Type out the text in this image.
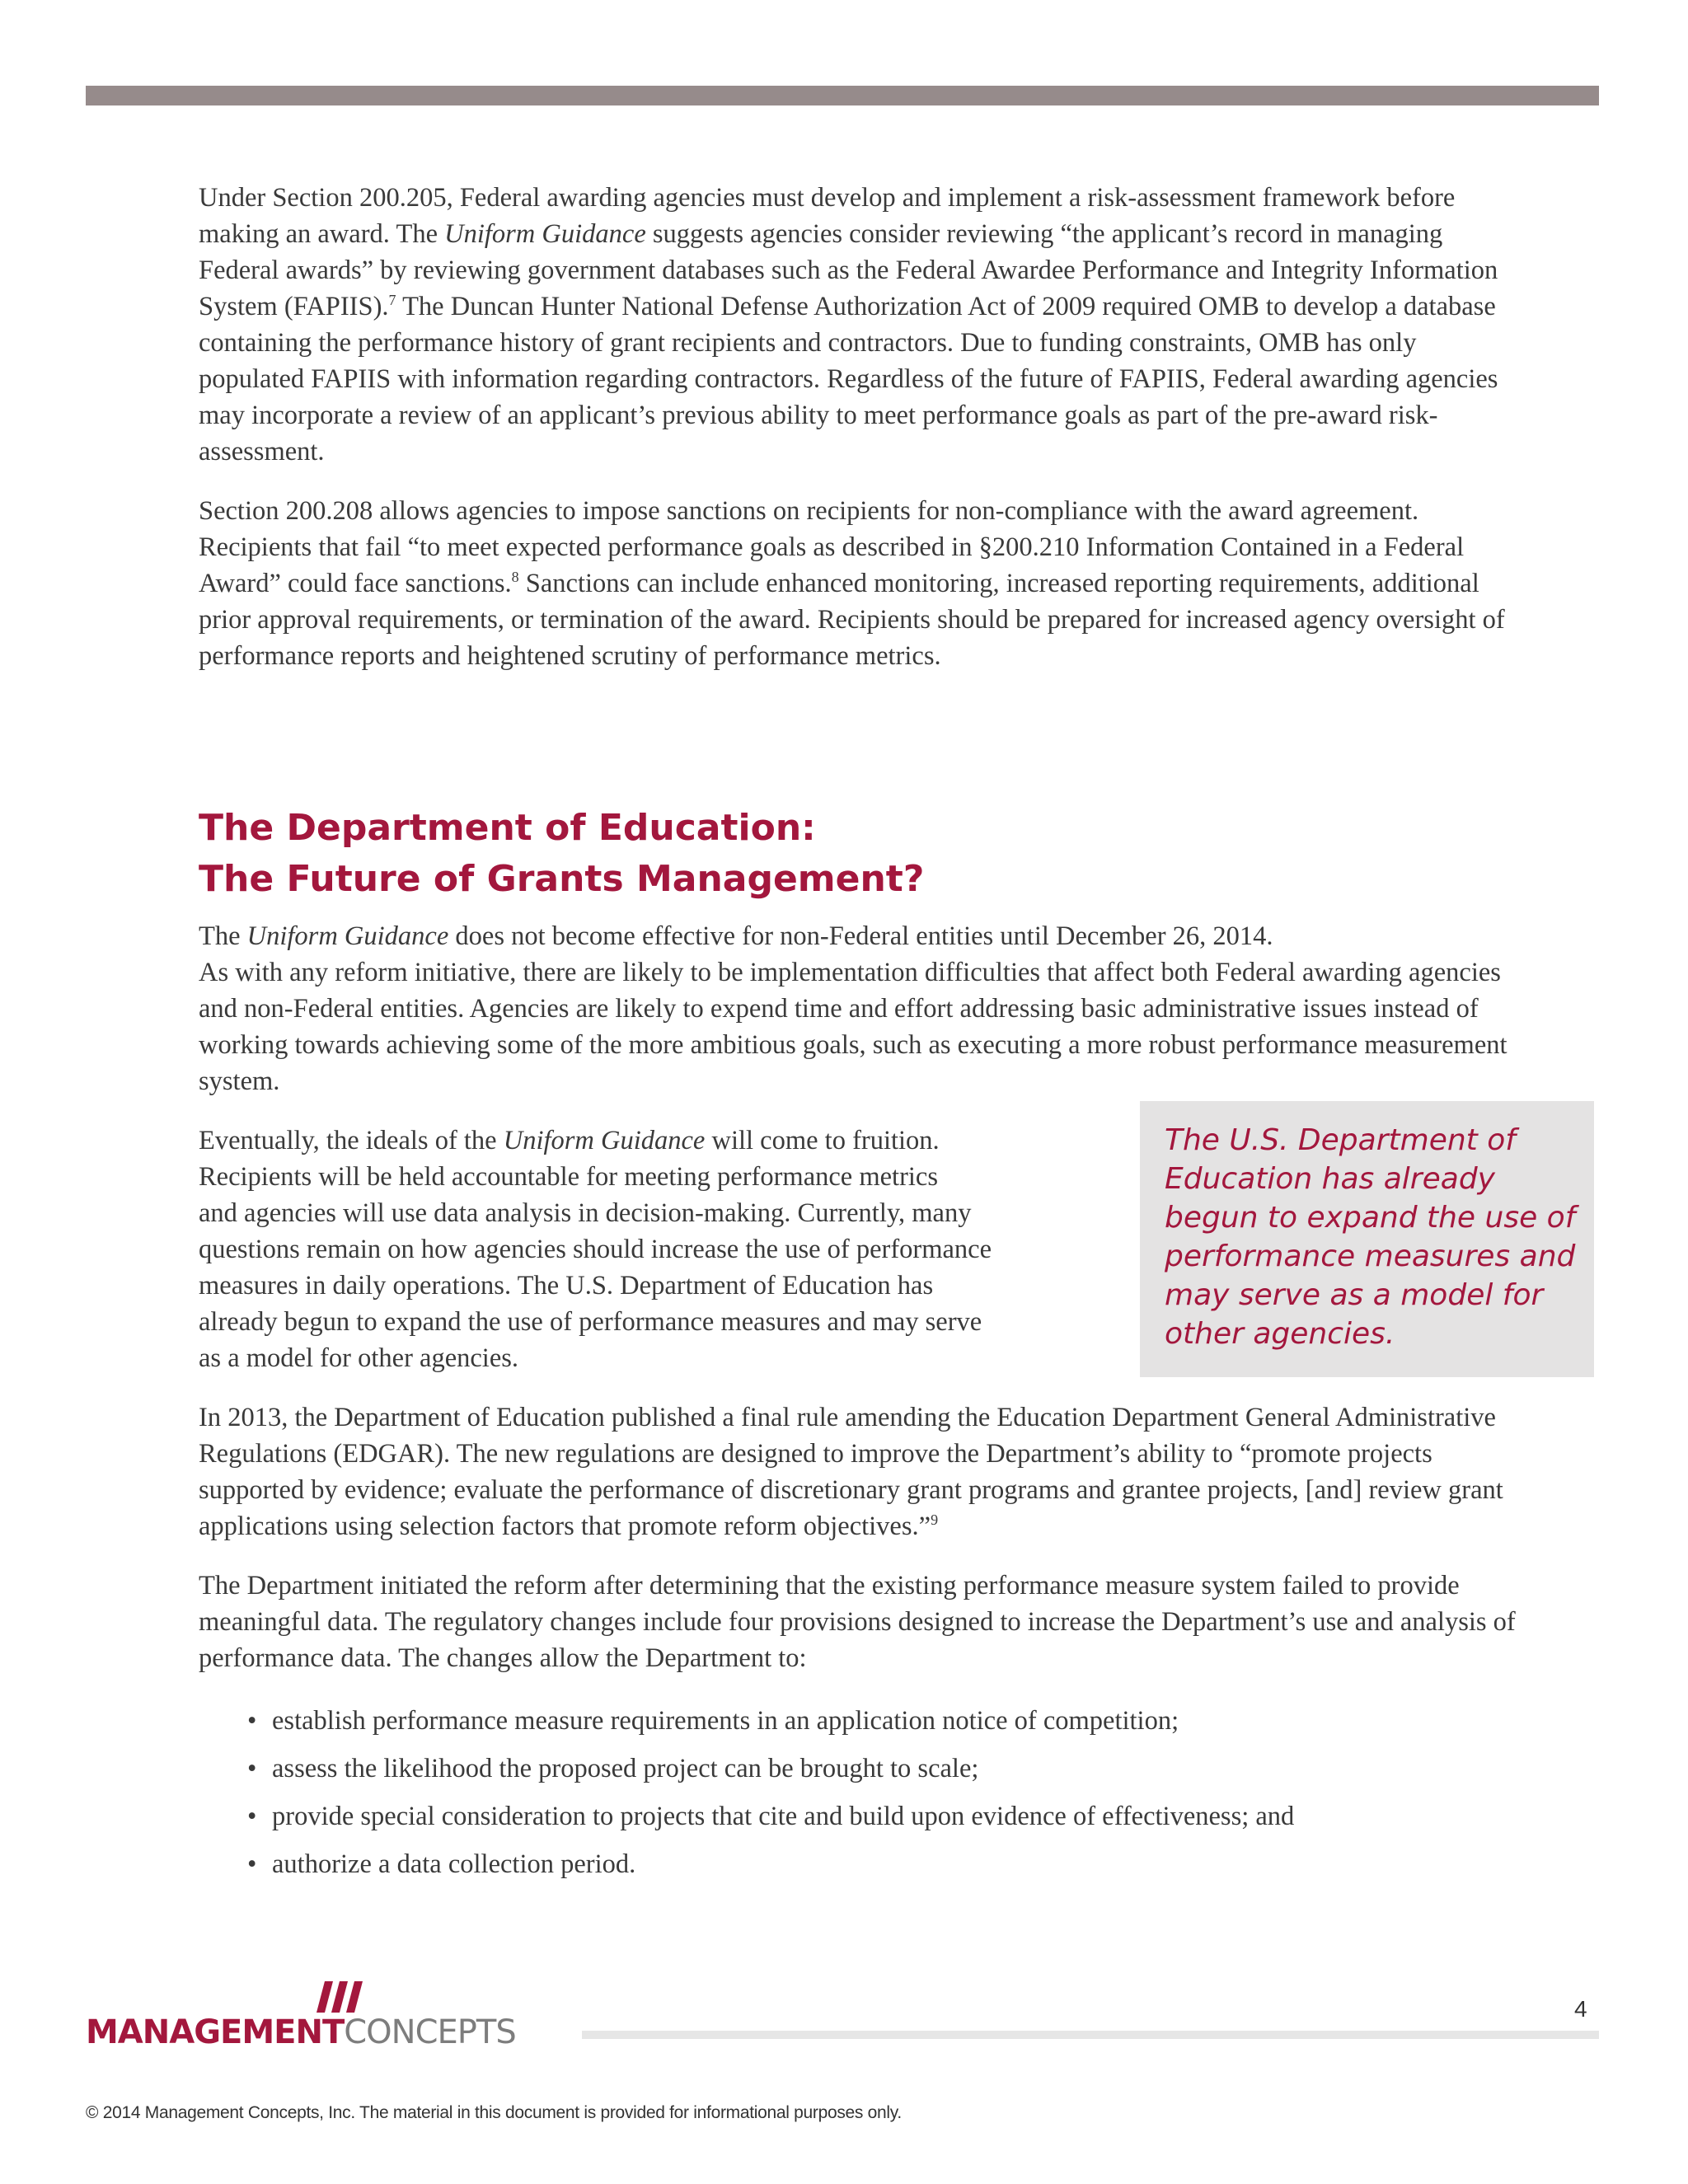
Under Section 200.205, Federal awarding agencies must develop and implement a risk-assessment framework before making an award. The Uniform Guidance suggests agencies consider reviewing “the applicant’s record in managing Federal awards” by reviewing government databases such as the Federal Awardee Performance and Integrity Information System (FAPIIS).$^7$ The Duncan Hunter National Defense Authorization Act of 2009 required OMB to develop a database containing the performance history of grant recipients and contractors. Due to funding constraints, OMB has only populated FAPIIS with information regarding contractors. Regardless of the future of FAPIIS, Federal awarding agencies may incorporate a review of an applicant’s previous ability to meet performance goals as part of the pre-award risk-assessment.

Section 200.208 allows agencies to impose sanctions on recipients for non-compliance with the award agreement. Recipients that fail “to meet expected performance goals as described in §200.210 Information Contained in a Federal Award” could face sanctions.$^8$ Sanctions can include enhanced monitoring, increased reporting requirements, additional prior approval requirements, or termination of the award. Recipients should be prepared for increased agency oversight of performance reports and heightened scrutiny of performance metrics.

The Department of Education:
The Future of Grants Management?

The Uniform Guidance does not become effective for non-Federal entities until December 26, 2014.
As with any reform initiative, there are likely to be implementation difficulties that affect both Federal awarding agencies and non-Federal entities. Agencies are likely to expend time and effort addressing basic administrative issues instead of working towards achieving some of the more ambitious goals, such as executing a more robust performance measurement system.

Eventually, the ideals of the Uniform Guidance will come to fruition.
Recipients will be held accountable for meeting performance metrics
and agencies will use data analysis in decision-making. Currently, many
questions remain on how agencies should increase the use of performance
measures in daily operations. The U.S. Department of Education has
already begun to expand the use of performance measures and may serve
as a model for other agencies.

The U.S. Department of
Education has already
begun to expand the use of
performance measures and
may serve as a model for
other agencies.

In 2013, the Department of Education published a final rule amending the Education Department General Administrative Regulations (EDGAR). The new regulations are designed to improve the Department’s ability to “promote projects supported by evidence; evaluate the performance of discretionary grant programs and grantee projects, [and] review grant applications using selection factors that promote reform objectives.”$^9$

The Department initiated the reform after determining that the existing performance measure system failed to provide meaningful data. The regulatory changes include four provisions designed to increase the Department’s use and analysis of performance data. The changes allow the Department to:

• establish performance measure requirements in an application notice of competition;
• assess the likelihood the proposed project can be brought to scale;
• provide special consideration to projects that cite and build upon evidence of effectiveness; and
• authorize a data collection period.
MANAGEMENTCONCEPTS
4
© 2014 Management Concepts, Inc. The material in this document is provided for informational purposes only.
